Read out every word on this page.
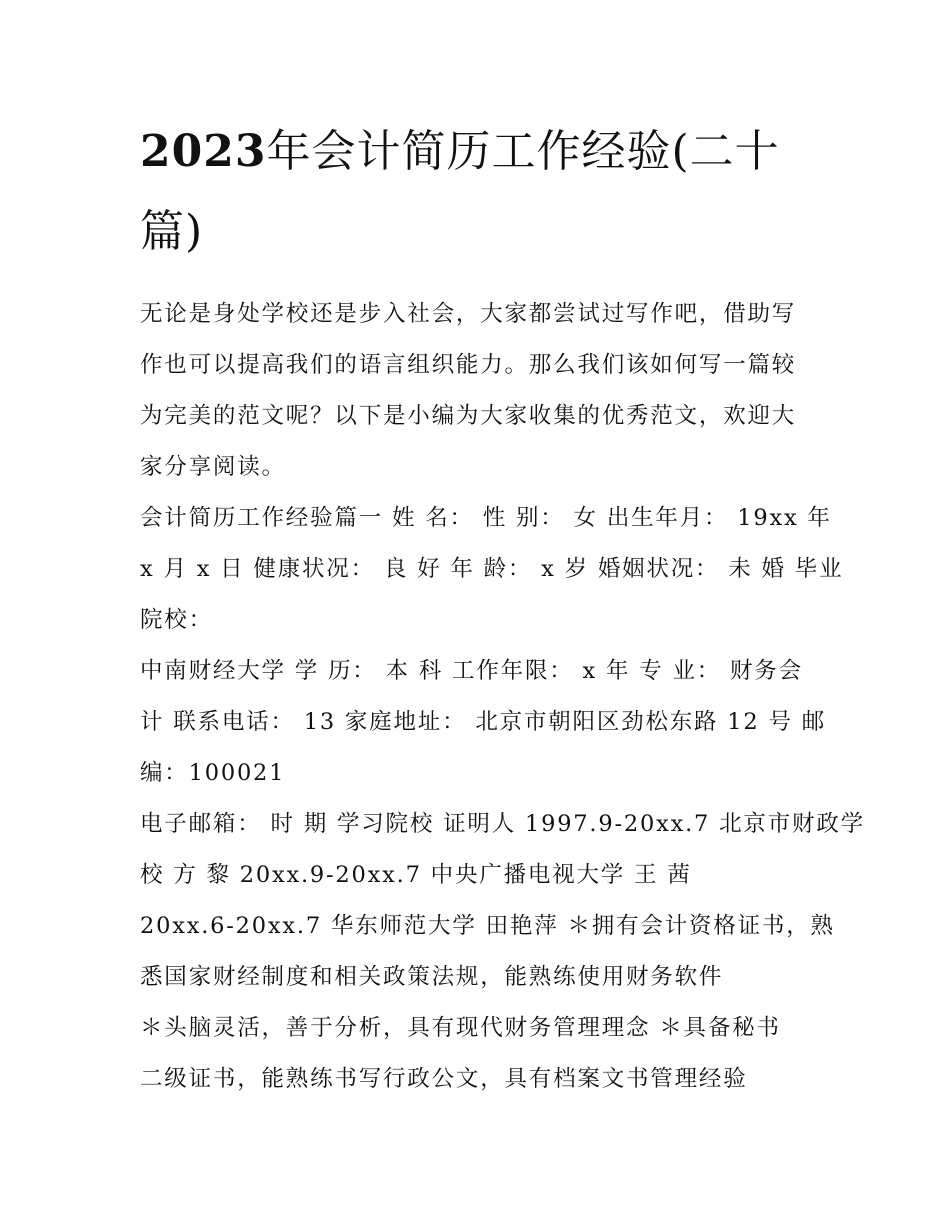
2023年会计简历工作经验(二十篇)

无论是身处学校还是步入社会，大家都尝试过写作吧，借助写
作也可以提高我们的语言组织能力。那么我们该如何写一篇较
为完美的范文呢？以下是小编为大家收集的优秀范文，欢迎大
家分享阅读。

会计简历工作经验篇一 姓 名： 性 别： 女 出生年月： 19xx 年
x 月 x 日 健康状况： 良 好 年 龄： x 岁 婚姻状况： 未 婚 毕业
院校：

中南财经大学 学 历： 本 科 工作年限： x 年 专 业： 财务会
计 联系电话： 13 家庭地址： 北京市朝阳区劲松东路 12 号 邮
编：100021

电子邮箱： 时 期 学习院校 证明人 1997.9-20xx.7 北京市财政学
校 方 黎 20xx.9-20xx.7 中央广播电视大学 王 茜
20xx.6-20xx.7 华东师范大学 田艳萍 ＊拥有会计资格证书，熟
悉国家财经制度和相关政策法规，能熟练使用财务软件
＊头脑灵活，善于分析，具有现代财务管理理念 ＊具备秘书
二级证书，能熟练书写行政公文，具有档案文书管理经验
